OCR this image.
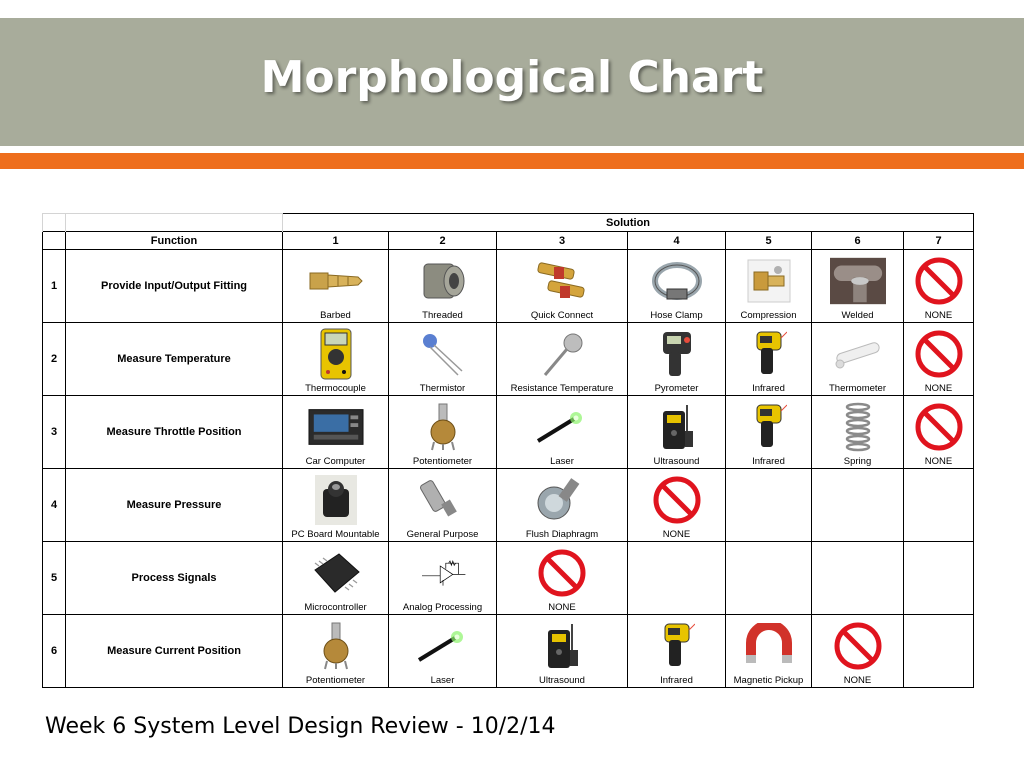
Morphological Chart
		Solution						
	Function	1	2	3	4	5	6	7
1	Provide Input/Output Fitting	Barbed	Threaded	Quick Connect	Hose Clamp	Compression	Welded	NONE

2	Measure Temperature	Thermocouple	Thermistor	Resistance Temperature	Pyrometer	Infrared	Thermometer	NONE

3	Measure Throttle Position	Car Computer	Potentiometer	Laser	Ultrasound	Infrared	Spring	NONE

4	Measure Pressure	PC Board Mountable	General Purpose	Flush Diaphragm	NONE			

5	Process Signals	Microcontroller	Analog Processing	NONE				

6	Measure Current Position	Potentiometer	Laser	Ultrasound	Infrared	Magnetic Pickup	NONE	

Week 6 System Level Design Review - 10/2/14
